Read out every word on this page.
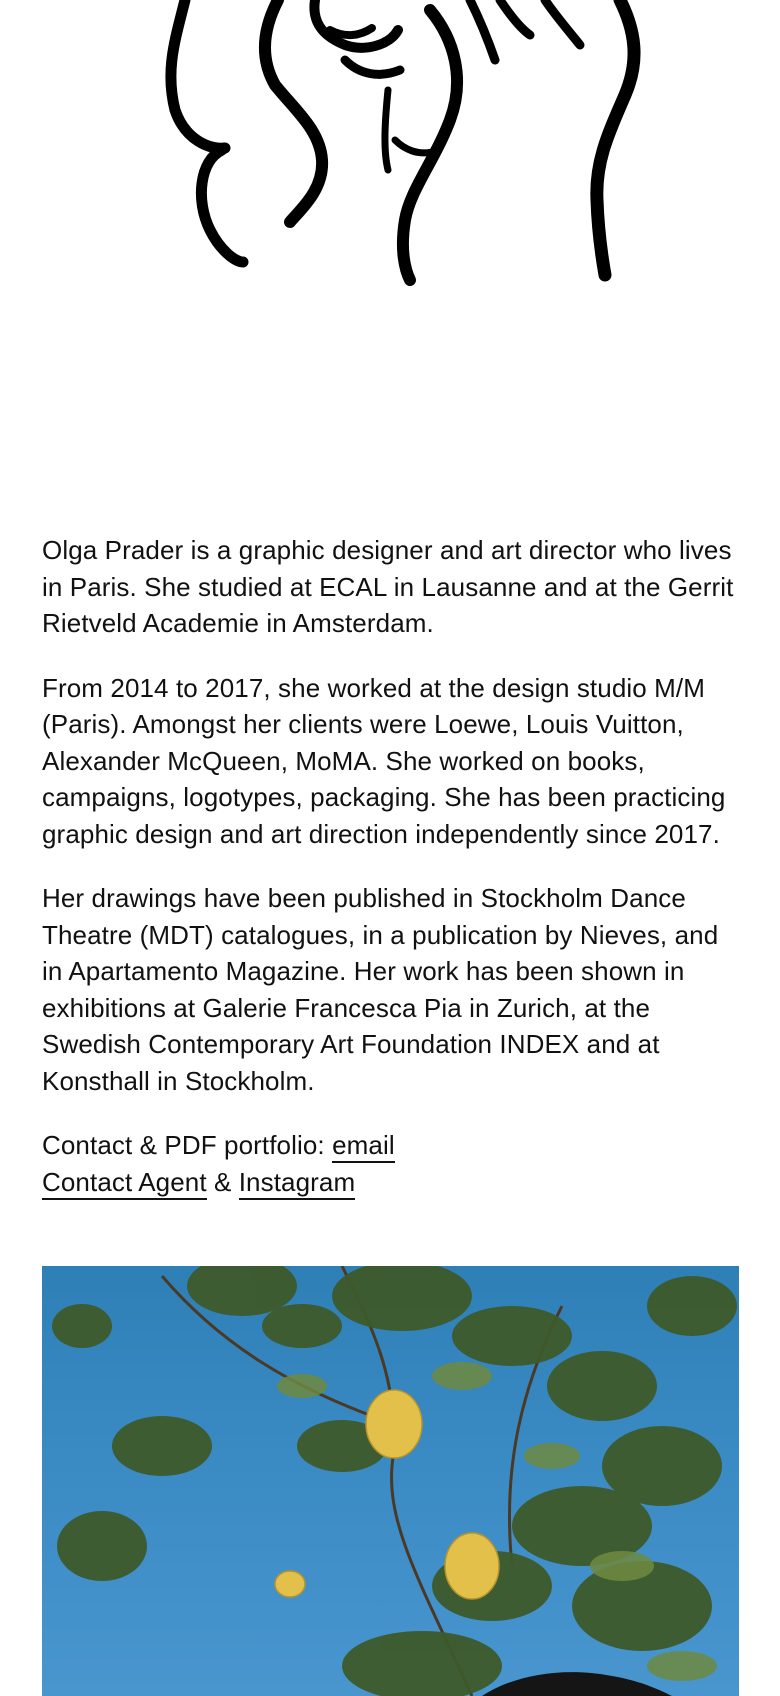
Olga Prader is a graphic designer and art director who lives in Paris. She studied at ECAL in Lausanne and at the Gerrit Rietveld Academie in Amsterdam.

From 2014 to 2017, she worked at the design studio M/M (Paris). Amongst her clients were Loewe, Louis Vuitton, Alexander McQueen, MoMA. She worked on books, campaigns, logotypes, packaging. She has been practicing graphic design and art direction independently since 2017.

Her drawings have been published in Stockholm Dance Theatre (MDT) catalogues, in a publication by Nieves, and in Apartamento Magazine. Her work has been shown in exhibitions at Galerie Francesca Pia in Zurich, at the Swedish Contemporary Art Foundation INDEX and at Konsthall in Stockholm.

Contact & PDF portfolio: email
Contact Agent & Instagram
